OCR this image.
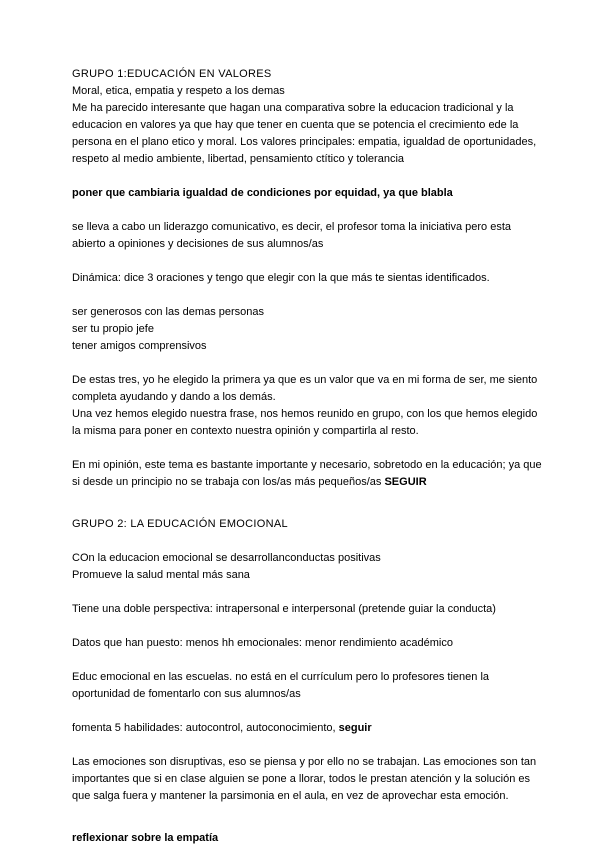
GRUPO 1:EDUCACIÓN EN VALORES

Moral, etica, empatia y respeto a los demas

Me ha parecido interesante que hagan una comparativa sobre la educacion tradicional y la educacion en valores ya que hay que tener en cuenta que se potencia el crecimiento ede la persona en el plano etico y moral. Los valores principales: empatia, igualdad de oportunidades, respeto al medio ambiente, libertad, pensamiento ctítico y tolerancia

poner que cambiaria igualdad de condiciones por equidad, ya que blabla

se lleva a cabo un liderazgo comunicativo, es decir, el profesor toma la iniciativa pero esta abierto a opiniones y decisiones de sus alumnos/as

Dinámica: dice 3 oraciones y tengo que elegir con la que más te sientas identificados.

ser generosos con las demas personas

ser tu propio jefe

tener amigos comprensivos

De estas tres, yo he elegido la primera ya que es un valor que va en mi forma de ser, me siento completa ayudando y dando a los demás.

Una vez hemos elegido nuestra frase, nos hemos reunido en grupo, con los que hemos elegido la misma para poner en contexto nuestra opinión y compartirla al resto.

En mi opinión, este tema es bastante importante y necesario, sobretodo en la educación; ya que si desde un principio no se trabaja con los/as más pequeños/as SEGUIR

GRUPO 2: LA EDUCACIÓN EMOCIONAL

COn la educacion emocional se desarrollanconductas positivas

Promueve la salud mental más sana

Tiene una doble perspectiva: intrapersonal e interpersonal (pretende guiar la conducta)

Datos que han puesto: menos hh emocionales: menor rendimiento académico

Educ emocional en las escuelas. no está en el currículum pero lo profesores tienen la oportunidad de fomentarlo con sus alumnos/as

fomenta 5 habilidades: autocontrol, autoconocimiento, seguir

Las emociones son disruptivas, eso se piensa y por ello no se trabajan. Las emociones son tan importantes que si en clase alguien se pone a llorar, todos le prestan atención y la solución es que salga fuera y mantener la parsimonia en el aula, en vez de aprovechar esta emoción.

reflexionar sobre la empatía
